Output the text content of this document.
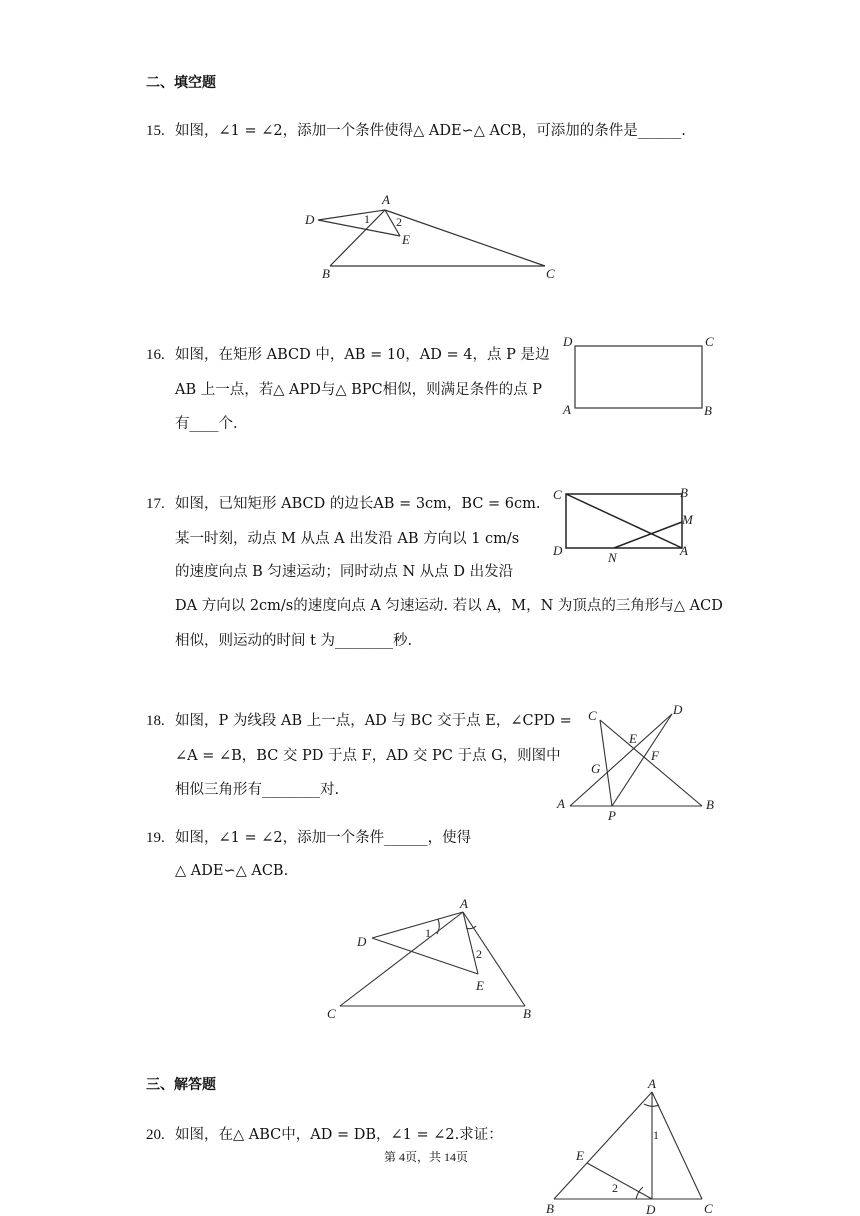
二、填空题
15. 如图，∠1 = ∠2，添加一个条件使得△ ADE∽△ ACB，可添加的条件是______.
D
A
1 2
E
B	C
16. 如图，在矩形 ABCD 中，AB = 10，AD = 4，点 P 是边
AB 上一点，若△ APD与△ BPC相似，则满足条件的点 P
有____个.
D	C
A	B
17. 如图，已知矩形 ABCD 的边长AB = 3cm，BC = 6cm.
某一时刻，动点 M 从点 A 出发沿 AB 方向以 1 cm/s
的速度向点 B 匀速运动；同时动点 N 从点 D 出发沿
DA 方向以 2cm/s的速度向点 A 匀速运动. 若以 A，M，N 为顶点的三角形与△ ACD
相似，则运动的时间 t 为________秒.
C	B
M
D	N	A
18. 如图，P 为线段 AB 上一点，AD 与 BC 交于点 E，∠CPD =
∠A = ∠B，BC 交 PD 于点 F，AD 交 PC 于点 G，则图中
相似三角形有________对.
C	D
E
G
F
A
P
B
19. 如图，∠1 = ∠2，添加一个条件______，使得
△ ADE∽△ ACB.
A
D
1
2
E
C	B
三、解答题
20. 如图，在△ ABC中，AD = DB，∠1 = ∠2.求证：
第 4页，共 14页
A
1
E
2
B	D	C
